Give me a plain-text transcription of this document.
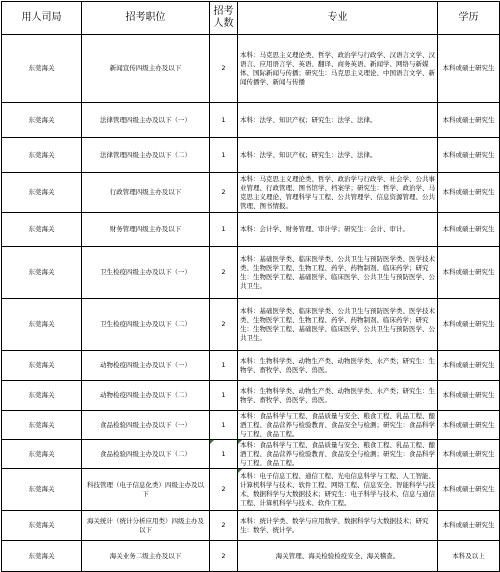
用人司局	招考职位	招考人数	专业	学历
东莞海关	新闻宣传四级主办及以下	2	本科：马克思主义理论类、哲学、政治学与行政学、汉语言文学、汉语言、应用语言学、英语、翻译、商务英语、新闻学、网络与新媒体、国际新闻与传播；研究生：马克思主义理论、中国语言文学、新闻传播学、新闻与传播	本科或硕士研究生
东莞海关	法律管理四级主办及以下（一）	1	本科：法学、知识产权；研究生：法学、法律。	本科或硕士研究生
东莞海关	法律管理四级主办及以下（二）	1	本科：法学、知识产权；研究生：法学、法律。	本科或硕士研究生
东莞海关	行政管理四级主办及以下	2	本科：马克思主义理论类、哲学、政治学与行政学、社会学、公共事业管理、行政管理、图书馆学、档案学；研究生：哲学、政治学、马克思主义理论、管理科学与工程、公共管理学、信息资源管理、公共管理、图书情报。	本科或硕士研究生
东莞海关	财务管理四级主办及以下	1	本科：会计学、财务管理、审计学；研究生：会计、审计。	本科或硕士研究生
东莞海关	卫生检疫四级主办及以下（一）	2	本科：基础医学类、临床医学类、公共卫生与预防医学类、医学技术类、生物医学工程、生物工程、药学、药物制剂、临床药学；研究生：生物医学工程、基础医学、临床医学、公共卫生与预防医学、公共卫生。	本科或硕士研究生
东莞海关	卫生检疫四级主办及以下（二）	2	本科：基础医学类、临床医学类、公共卫生与预防医学类、医学技术类、生物医学工程、生物工程、药学、药物制剂、临床药学；研究生：生物医学工程、基础医学、临床医学、公共卫生与预防医学、公共卫生。	本科或硕士研究生
东莞海关	动物检疫四级主办及以下（一）	1	本科：生物科学类、动物生产类、动物医学类、水产类；研究生：生物学、畜牧学、兽医学、兽医。	本科或硕士研究生
东莞海关	动物检疫四级主办及以下（二）	1	本科：生物科学类、动物生产类、动物医学类、水产类；研究生：生物学、畜牧学、兽医学、兽医。	本科或硕士研究生
东莞海关	食品检验四级主办及以下（一）	1	本科：食品科学与工程、食品质量与安全、粮食工程、乳品工程、酿酒工程、食品营养与检验教育、食品安全与检测；研究生：食品科学与工程、食品工程。	本科或硕士研究生
东莞海关	食品检验四级主办及以下（二）	1	本科：食品科学与工程、食品质量与安全、粮食工程、乳品工程、酿酒工程、食品营养与检验教育、食品安全与检测；研究生：食品科学与工程、食品工程。	本科或硕士研究生
东莞海关	科技管理（电子信息化类）四级主办及以下	2	本科：电子信息工程、通信工程、光电信息科学与工程、人工智能、计算机科学与技术、软件工程、网络工程、信息安全、智能科学与技术、数据科学与大数据技术；研究生：电子科学与技术、信息与通信工程、计算机科学与技术、软件工程。	本科或硕士研究生
东莞海关	海关统计（统计分析应用类）四级主办及以下	2	本科：统计学类、数学与应用数学、数据科学与大数据技术；研究生：数学、统计学。	本科或硕士研究生
东莞海关	海关业务二级主办及以下	2	海关管理、海关检验检疫安全、海关稽查。	本科及以上
